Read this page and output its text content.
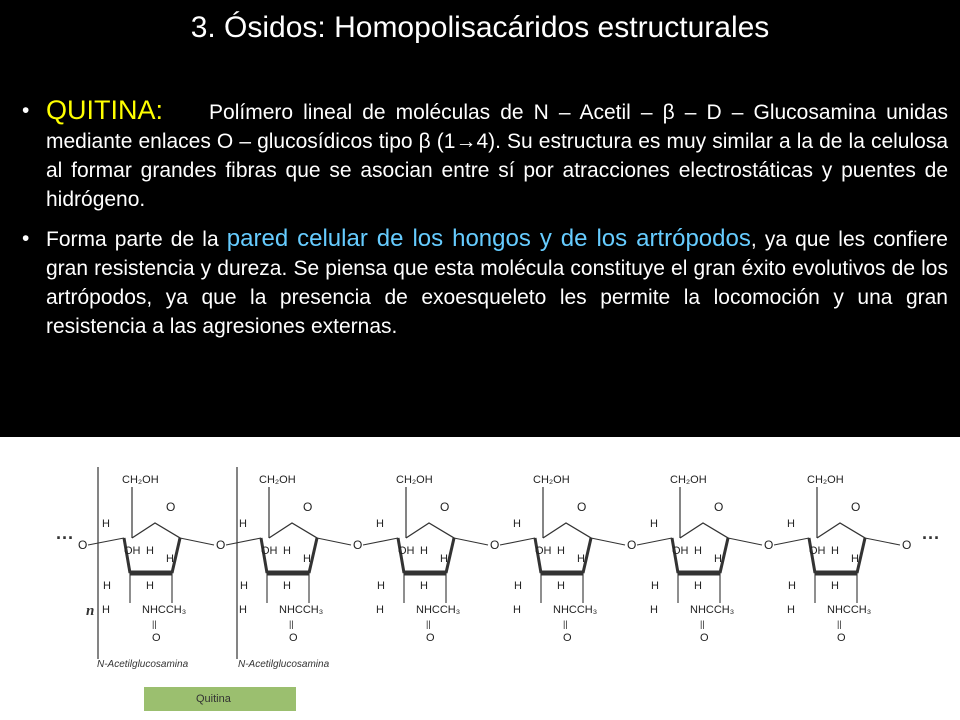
3. Ósidos: Homopolisacáridos estructurales
• QUITINA: Polímero lineal de moléculas de N – Acetil – β – D – Glucosamina unidas mediante enlaces O – glucosídicos tipo β (1→4). Su estructura es muy similar a la de la celulosa al formar grandes fibras que se asocian entre sí por atracciones electrostáticas y puentes de hidrógeno.
• Forma parte de la pared celular de los hongos y de los artrópodos, ya que les confiere gran resistencia y dureza. Se piensa que esta molécula constituye el gran éxito evolutivos de los artrópodos, ya que la presencia de exoesqueleto les permite la locomoción y una gran resistencia a las agresiones externas.
CH₂OH
O
H
OH H
H	H
H
H	NHCCH₃
||
O
O
CH₂OH
O
H
OH H
H	H
H
H	NHCCH₃
||
O
O
CH₂OH
O
H
OH H
H	H
H
H	NHCCH₃
||
O
O
CH₂OH
O
H
OH H
H	H
H
H	NHCCH₃
||
O
O
CH₂OH
O
H
OH H
H	H
H
H	NHCCH₃
||
O
O
CH₂OH
O
H
OH H
H	H
H
H	NHCCH₃
||
O
O	O
···	···
n
N-Acetilglucosamina	N-Acetilglucosamina
Quitina
